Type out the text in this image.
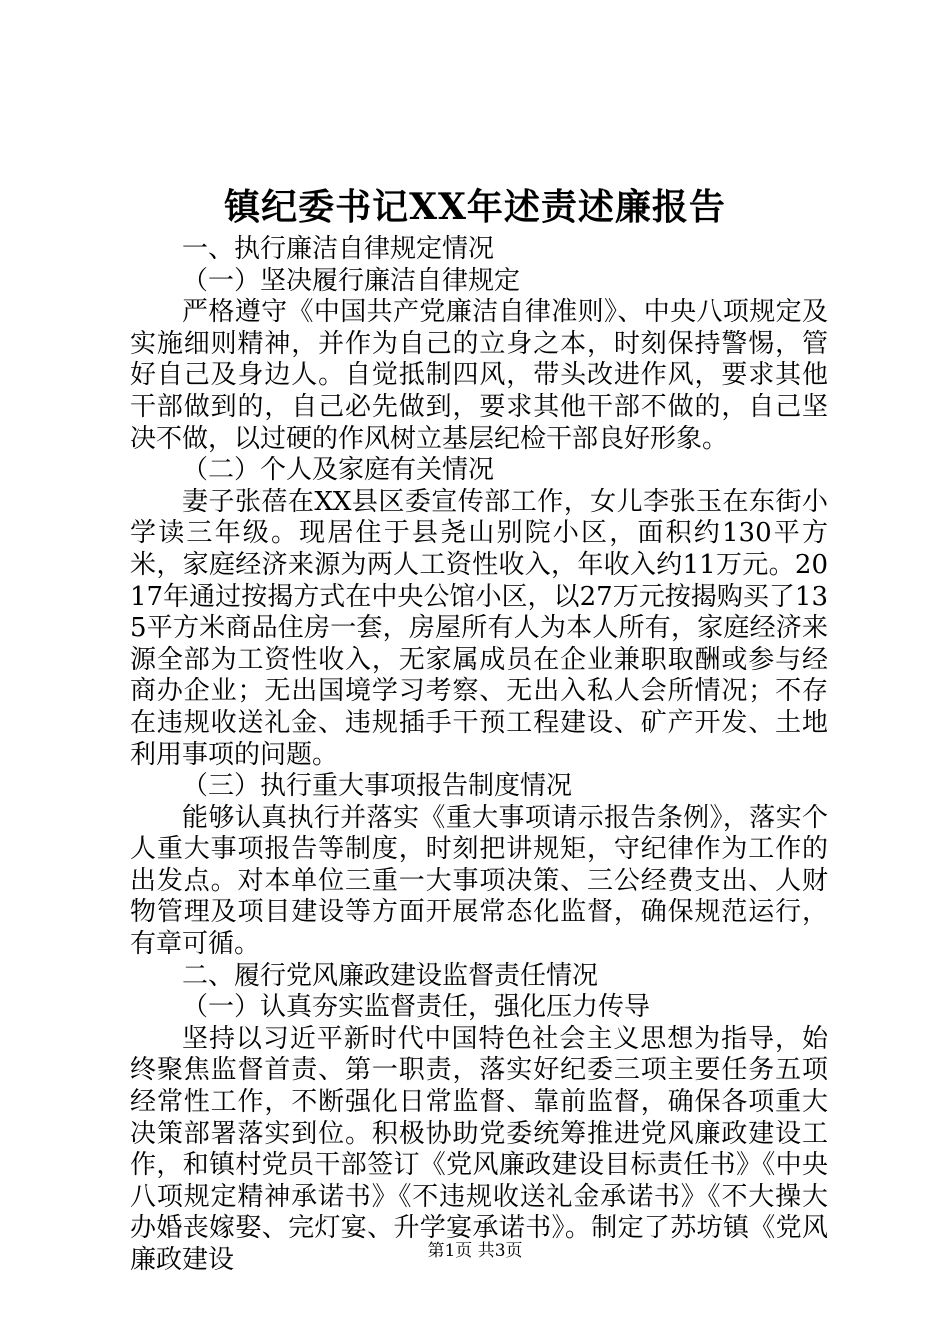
镇纪委书记XX年述责述廉报告

一、执行廉洁自律规定情况

（一）坚决履行廉洁自律规定

严格遵守《中国共产党廉洁自律准则》、中央八项规定及实施细则精神，并作为自己的立身之本，时刻保持警惕，管好自己及身边人。自觉抵制四风，带头改进作风，要求其他干部做到的，自己必先做到，要求其他干部不做的，自己坚决不做，以过硬的作风树立基层纪检干部良好形象。

（二）个人及家庭有关情况

妻子张蓓在XX县区委宣传部工作，女儿李张玉在东街小学读三年级。现居住于县尧山别院小区，面积约130平方米，家庭经济来源为两人工资性收入，年收入约11万元。2017年通过按揭方式在中央公馆小区，以27万元按揭购买了135平方米商品住房一套，房屋所有人为本人所有，家庭经济来源全部为工资性收入，无家属成员在企业兼职取酬或参与经商办企业；无出国境学习考察、无出入私人会所情况；不存在违规收送礼金、违规插手干预工程建设、矿产开发、土地利用事项的问题。

（三）执行重大事项报告制度情况

能够认真执行并落实《重大事项请示报告条例》，落实个人重大事项报告等制度，时刻把讲规矩，守纪律作为工作的出发点。对本单位三重一大事项决策、三公经费支出、人财物管理及项目建设等方面开展常态化监督，确保规范运行，有章可循。

二、履行党风廉政建设监督责任情况

（一）认真夯实监督责任，强化压力传导

坚持以习近平新时代中国特色社会主义思想为指导，始终聚焦监督首责、第一职责，落实好纪委三项主要任务五项经常性工作，不断强化日常监督、靠前监督，确保各项重大决策部署落实到位。积极协助党委统筹推进党风廉政建设工作，和镇村党员干部签订《党风廉政建设目标责任书》《中央八项规定精神承诺书》《不违规收送礼金承诺书》《不大操大办婚丧嫁娶、完灯宴、升学宴承诺书》。制定了苏坊镇《党风廉政建设	第1页 共3页
